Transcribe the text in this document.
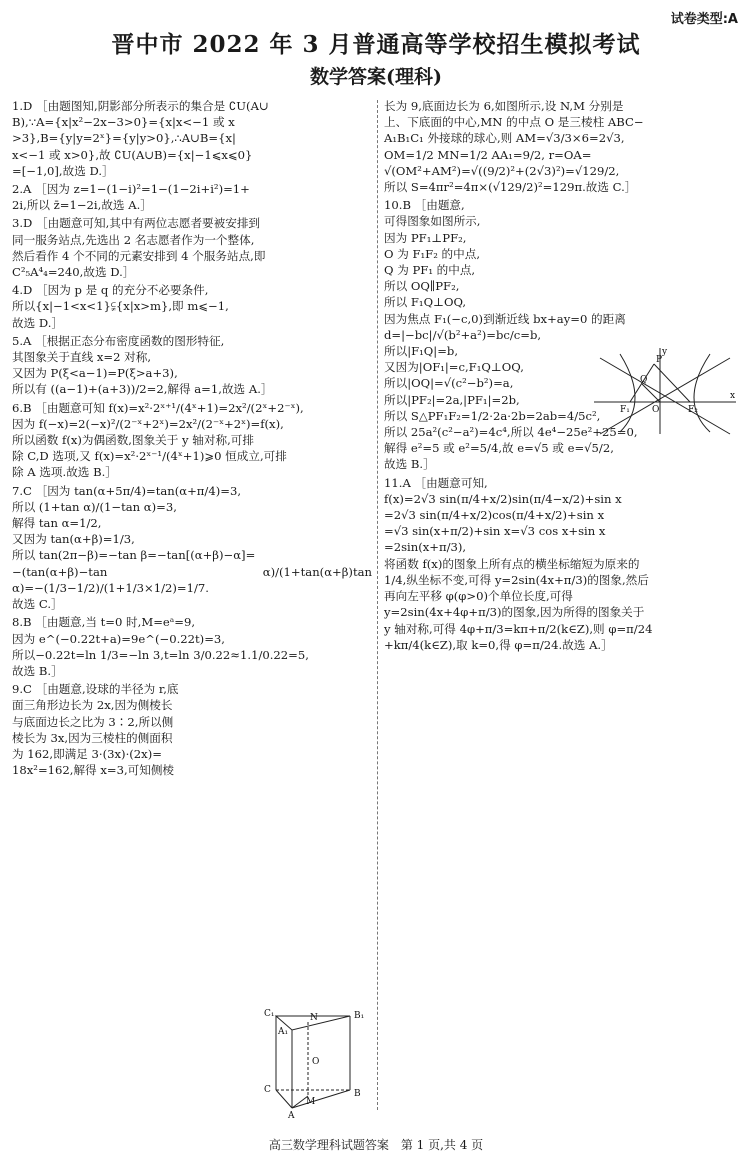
试卷类型:A
晋中市 2022 年 3 月普通高等学校招生模拟考试
数学答案(理科)
1.D ［由题图知,阴影部分所表示的集合是 ∁U(A∪
B),∵A={x|x²−2x−3>0}={x|x<−1 或 x
>3},B={y|y=2ˣ}={y|y>0},∴A∪B={x|
x<−1 或 x>0},故 ∁U(A∪B)={x|−1⩽x⩽0}
=[−1,0],故选 D.］
2.A ［因为 z=1−(1−i)²=1−(1−2i+i²)=1+
2i,所以 z̄=1−2i,故选 A.］
3.D ［由题意可知,其中有两位志愿者要被安排到
同一服务站点,先选出 2 名志愿者作为一个整体,
然后看作 4 个不同的元素安排到 4 个服务站点,即
C²₅A⁴₄=240,故选 D.］
4.D ［因为 p 是 q 的充分不必要条件,
所以{x|−1<x<1}⫋{x|x>m},即 m⩽−1,
故选 D.］
5.A ［根据正态分布密度函数的图形特征,
其图象关于直线 x=2 对称,
又因为 P(ξ<a−1)=P(ξ>a+3),
所以有 ((a−1)+(a+3))/2=2,解得 a=1,故选 A.］
6.B ［由题意可知 f(x)=x²·2ˣ⁺¹/(4ˣ+1)=2x²/(2ˣ+2⁻ˣ),
因为 f(−x)=2(−x)²/(2⁻ˣ+2ˣ)=2x²/(2⁻ˣ+2ˣ)=f(x),
所以函数 f(x)为偶函数,图象关于 y 轴对称,可排
除 C,D 选项,又 f(x)=x²·2ˣ⁻¹/(4ˣ+1)⩾0 恒成立,可排
除 A 选项.故选 B.］
7.C ［因为 tan(α+5π/4)=tan(α+π/4)=3,
所以 (1+tan α)/(1−tan α)=3,
解得 tan α=1/2,
又因为 tan(α+β)=1/3,
所以 tan(2π−β)=−tan β=−tan[(α+β)−α]=
−(tan(α+β)−tan α)/(1+tan(α+β)tan α)=−(1/3−1/2)/(1+1/3×1/2)=1/7.
故选 C.］
8.B ［由题意,当 t=0 时,M=eᵃ=9,
因为 e^(−0.22t+a)=9e^(−0.22t)=3,
所以−0.22t=ln 1/3=−ln 3,t=ln 3/0.22≈1.1/0.22=5,
故选 B.］
9.C ［由题意,设球的半径为 r,底
面三角形边长为 2x,因为侧棱长
与底面边长之比为 3∶2,所以侧
棱长为 3x,因为三棱柱的侧面积
为 162,即满足 3·(3x)·(2x)=
18x²=162,解得 x=3,可知侧棱
长为 9,底面边长为 6,如图所示,设 N,M 分别是
上、下底面的中心,MN 的中点 O 是三棱柱 ABC−
A₁B₁C₁ 外接球的球心,则 AM=√3/3×6=2√3,
OM=1/2 MN=1/2 AA₁=9/2, r=OA=
√(OM²+AM²)=√((9/2)²+(2√3)²)=√129/2,
所以 S=4πr²=4π×(√129/2)²=129π.故选 C.］
10.B ［由题意,
可得图象如图所示,
因为 PF₁⊥PF₂,
O 为 F₁F₂ 的中点,
Q 为 PF₁ 的中点,
所以 OQ∥PF₂,
所以 F₁Q⊥OQ,
因为焦点 F₁(−c,0)到渐近线 bx+ay=0 的距离
d=|−bc|/√(b²+a²)=bc/c=b,
所以|F₁Q|=b,
又因为|OF₁|=c,F₁Q⊥OQ,
所以|OQ|=√(c²−b²)=a,
所以|PF₂|=2a,|PF₁|=2b,
所以 S△PF₁F₂=1/2·2a·2b=2ab=4/5c²,
所以 25a²(c²−a²)=4c⁴,所以 4e⁴−25e²+25=0,
解得 e²=5 或 e²=5/4,故 e=√5 或 e=√5/2,
故选 B.］
11.A ［由题意可知,
f(x)=2√3 sin(π/4+x/2)sin(π/4−x/2)+sin x
=2√3 sin(π/4+x/2)cos(π/4+x/2)+sin x
=√3 sin(x+π/2)+sin x=√3 cos x+sin x
=2sin(x+π/3),
将函数 f(x)的图象上所有点的横坐标缩短为原来的
1/4,纵坐标不变,可得 y=2sin(4x+π/3)的图象,然后
再向左平移 φ(φ>0)个单位长度,可得
y=2sin(4x+4φ+π/3)的图象,因为所得的图象关于
y 轴对称,可得 4φ+π/3=kπ+π/2(k∈Z),则 φ=π/24
+kπ/4(k∈Z),取 k=0,得 φ=π/24.故选 A.］
C₁
A₁
N	B₁
O
C
M
B
A
y
P
Q
F₁ O	F₂
x
高三数学理科试题答案　第 1 页,共 4 页
